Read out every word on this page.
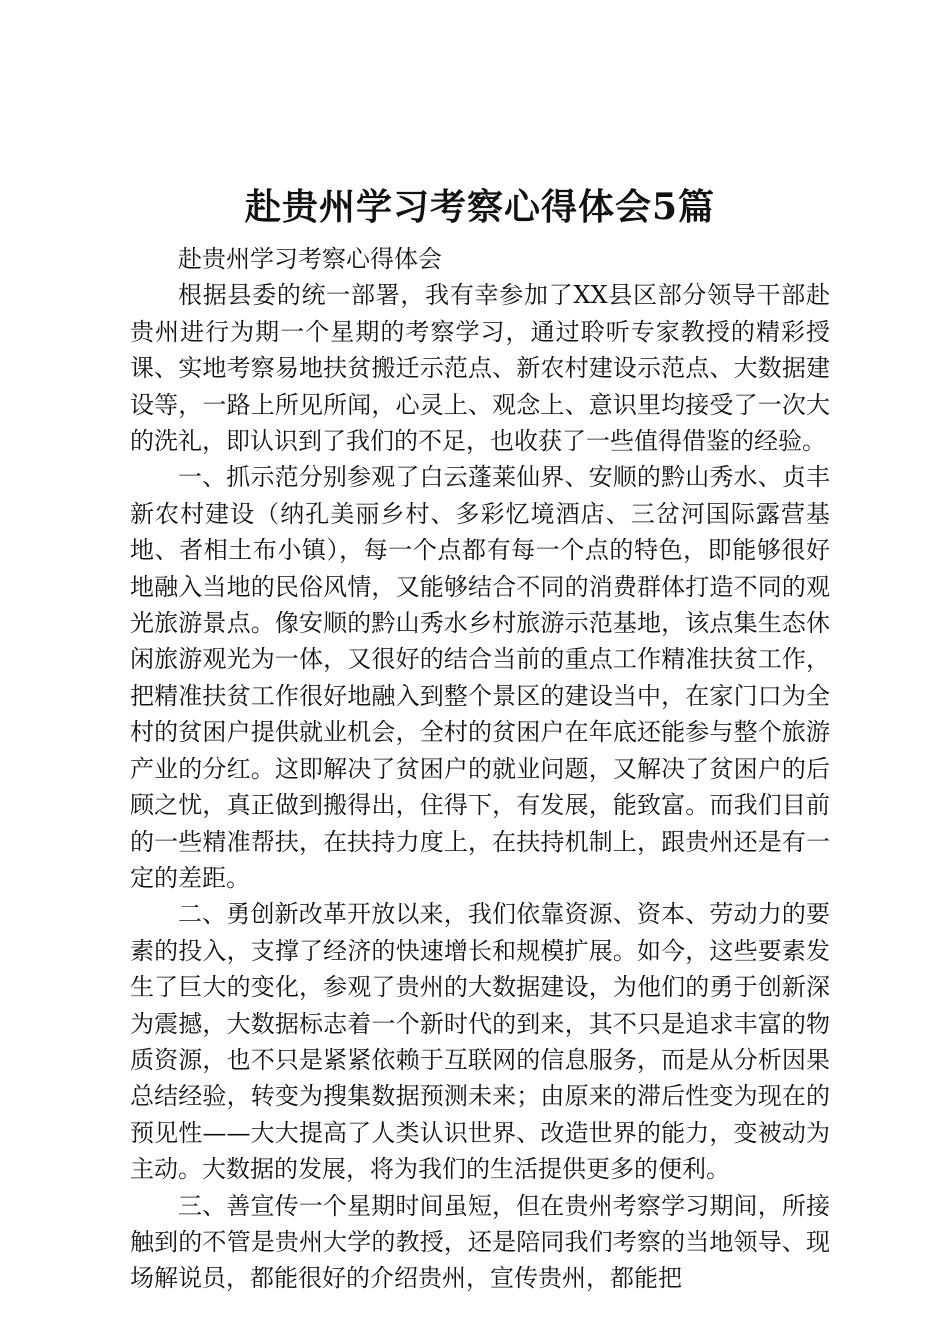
赴贵州学习考察心得体会5篇

赴贵州学习考察心得体会

根据县委的统一部署，我有幸参加了XX县区部分领导干部赴贵州进行为期一个星期的考察学习，通过聆听专家教授的精彩授课、实地考察易地扶贫搬迁示范点、新农村建设示范点、大数据建设等，一路上所见所闻，心灵上、观念上、意识里均接受了一次大的洗礼，即认识到了我们的不足，也收获了一些值得借鉴的经验。

一、抓示范分别参观了白云蓬莱仙界、安顺的黔山秀水、贞丰新农村建设（纳孔美丽乡村、多彩忆境酒店、三岔河国际露营基地、者相土布小镇），每一个点都有每一个点的特色，即能够很好地融入当地的民俗风情，又能够结合不同的消费群体打造不同的观光旅游景点。像安顺的黔山秀水乡村旅游示范基地，该点集生态休闲旅游观光为一体，又很好的结合当前的重点工作精准扶贫工作，把精准扶贫工作很好地融入到整个景区的建设当中，在家门口为全村的贫困户提供就业机会，全村的贫困户在年底还能参与整个旅游产业的分红。这即解决了贫困户的就业问题，又解决了贫困户的后顾之忧，真正做到搬得出，住得下，有发展，能致富。而我们目前的一些精准帮扶，在扶持力度上，在扶持机制上，跟贵州还是有一定的差距。

二、勇创新改革开放以来，我们依靠资源、资本、劳动力的要素的投入，支撑了经济的快速增长和规模扩展。如今，这些要素发生了巨大的变化，参观了贵州的大数据建设，为他们的勇于创新深为震撼，大数据标志着一个新时代的到来，其不只是追求丰富的物质资源，也不只是紧紧依赖于互联网的信息服务，而是从分析因果总结经验，转变为搜集数据预测未来；由原来的滞后性变为现在的预见性——大大提高了人类认识世界、改造世界的能力，变被动为主动。大数据的发展，将为我们的生活提供更多的便利。

三、善宣传一个星期时间虽短，但在贵州考察学习期间，所接触到的不管是贵州大学的教授，还是陪同我们考察的当地领导、现场解说员，都能很好的介绍贵州，宣传贵州，都能把
